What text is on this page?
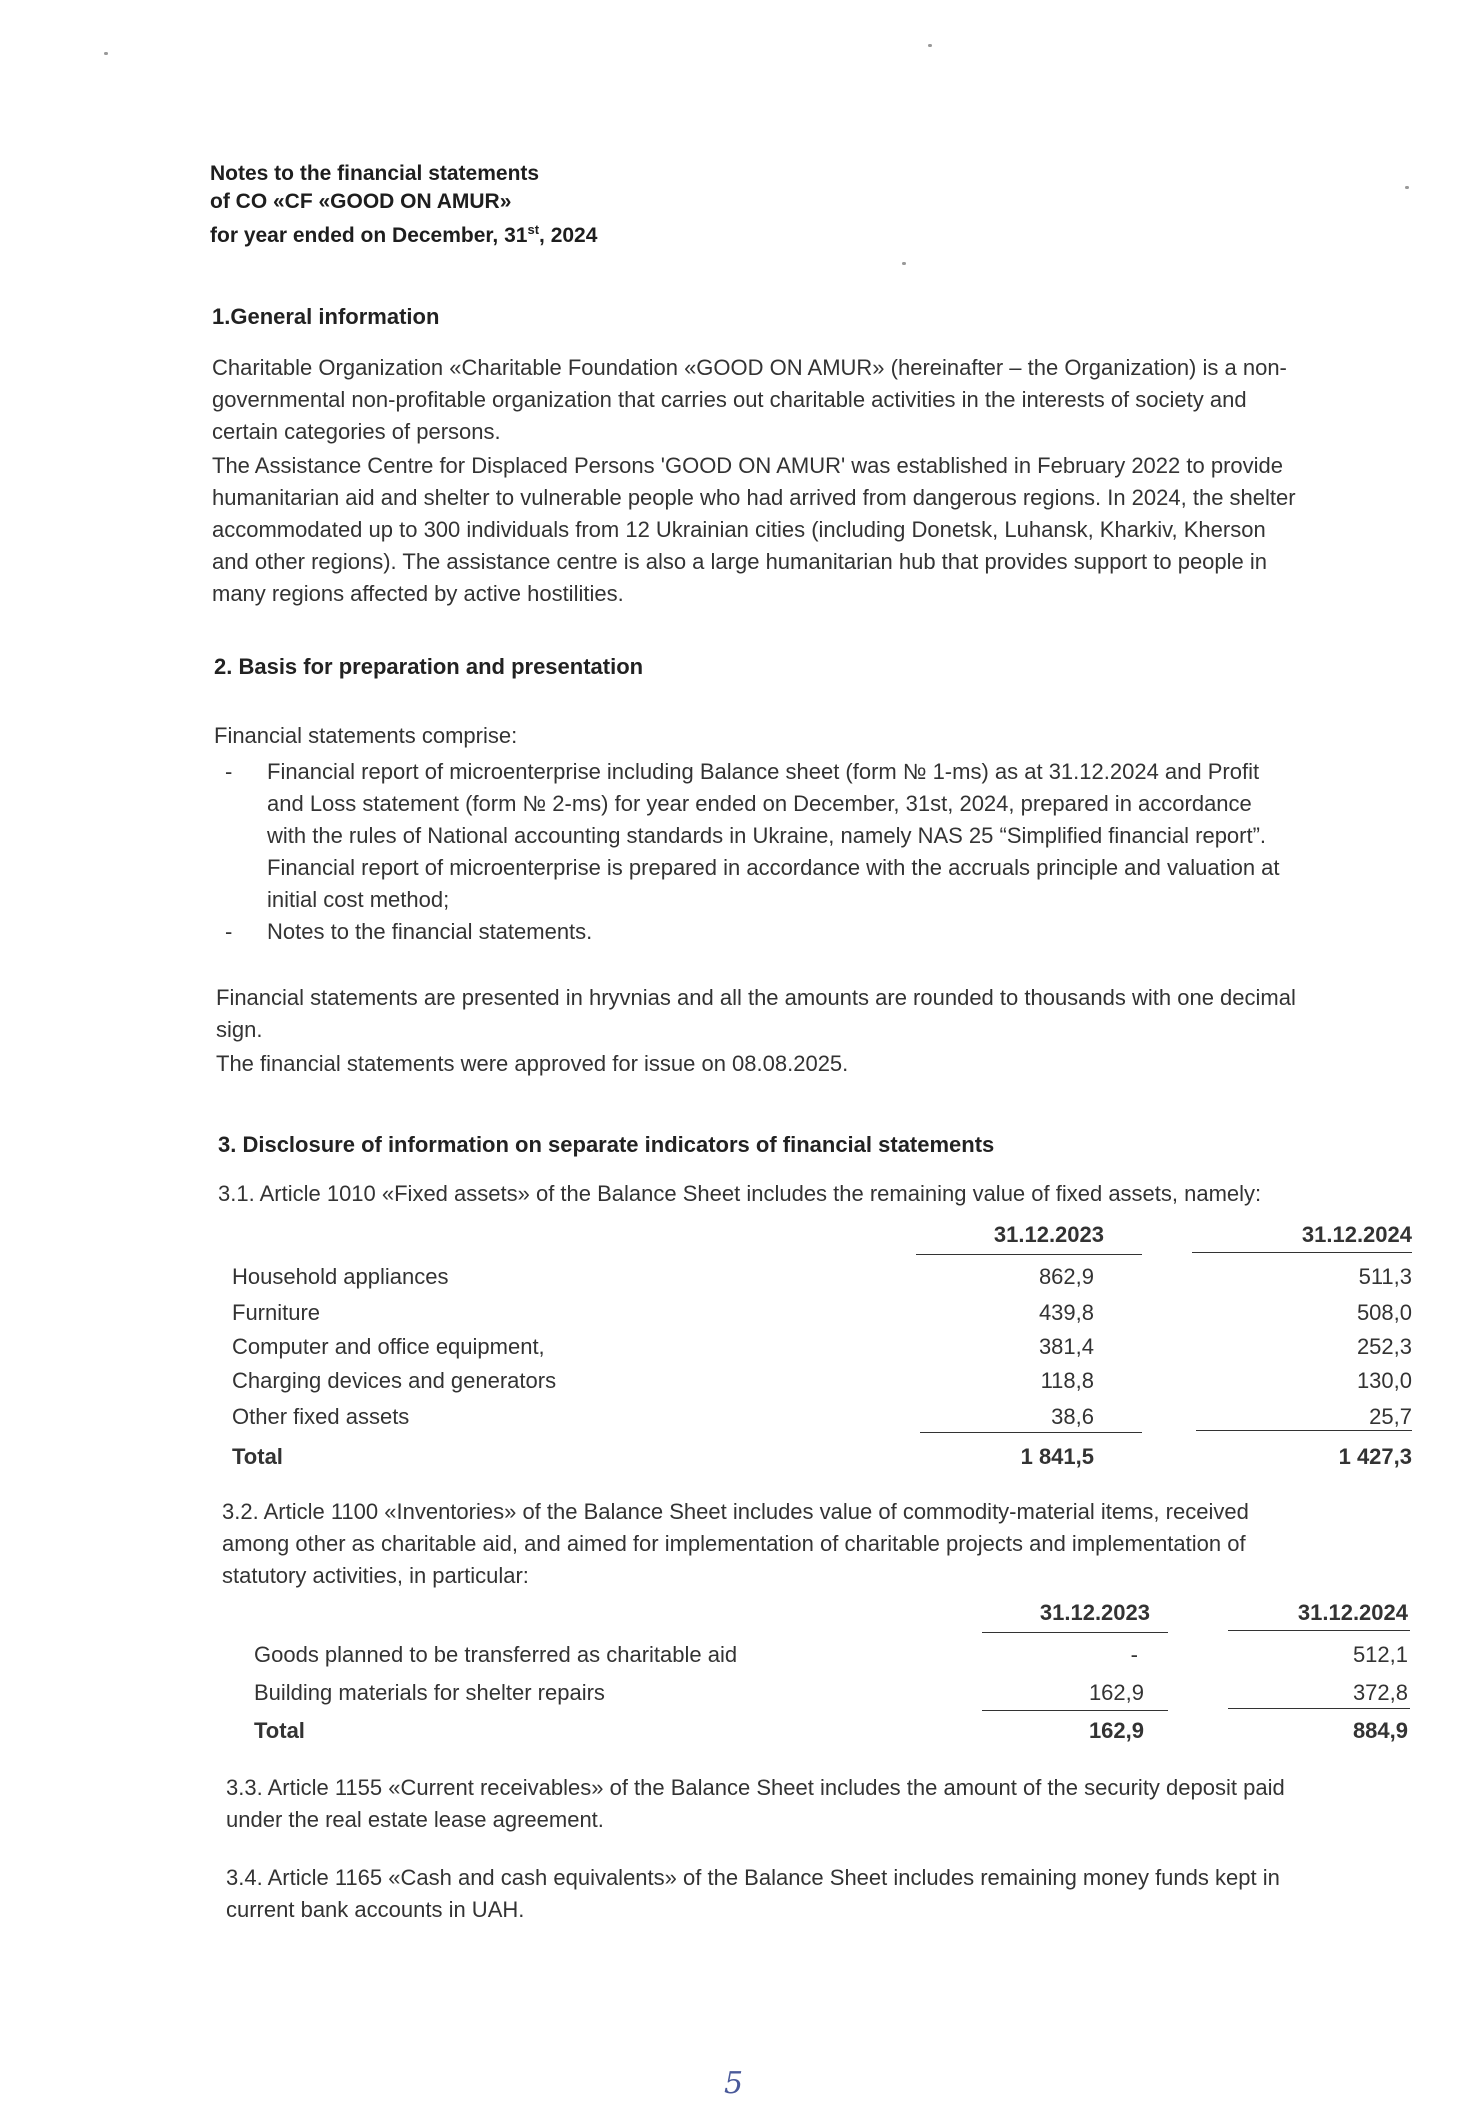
Notes to the financial statements
of CO «CF «GOOD ON AMUR»
for year ended on December, 31st, 2024
1.General information
Charitable Organization «Charitable Foundation «GOOD ON AMUR» (hereinafter – the Organization) is a non-
governmental non-profitable organization that carries out charitable activities in the interests of society and
certain categories of persons.
The Assistance Centre for Displaced Persons 'GOOD ON AMUR' was established in February 2022 to provide
humanitarian aid and shelter to vulnerable people who had arrived from dangerous regions. In 2024, the shelter
accommodated up to 300 individuals from 12 Ukrainian cities (including Donetsk, Luhansk, Kharkiv, Kherson
and other regions). The assistance centre is also a large humanitarian hub that provides support to people in
many regions affected by active hostilities.
2. Basis for preparation and presentation
Financial statements comprise:
- Financial report of microenterprise including Balance sheet (form № 1-ms) as at 31.12.2024 and Profit
and Loss statement (form № 2-ms) for year ended on December, 31st, 2024, prepared in accordance
with the rules of National accounting standards in Ukraine, namely NAS 25 “Simplified financial report”.
Financial report of microenterprise is prepared in accordance with the accruals principle and valuation at
initial cost method;
- Notes to the financial statements.
Financial statements are presented in hryvnias and all the amounts are rounded to thousands with one decimal
sign.
The financial statements were approved for issue on 08.08.2025.
3. Disclosure of information on separate indicators of financial statements
3.1. Article 1010 «Fixed assets» of the Balance Sheet includes the remaining value of fixed assets, namely:
31.12.2023	31.12.2024
Household appliances	862,9	511,3
Furniture	439,8	508,0
Computer and office equipment,	381,4	252,3
Charging devices and generators	118,8	130,0
Other fixed assets	38,6	25,7
Total	1 841,5	1 427,3
3.2. Article 1100 «Inventories» of the Balance Sheet includes value of commodity-material items, received
among other as charitable aid, and aimed for implementation of charitable projects and implementation of
statutory activities, in particular:
31.12.2023	31.12.2024
Goods planned to be transferred as charitable aid	-	512,1
Building materials for shelter repairs	162,9	372,8
Total	162,9	884,9
3.3. Article 1155 «Current receivables» of the Balance Sheet includes the amount of the security deposit paid
under the real estate lease agreement.
3.4. Article 1165 «Cash and cash equivalents» of the Balance Sheet includes remaining money funds kept in
current bank accounts in UAH.
5
